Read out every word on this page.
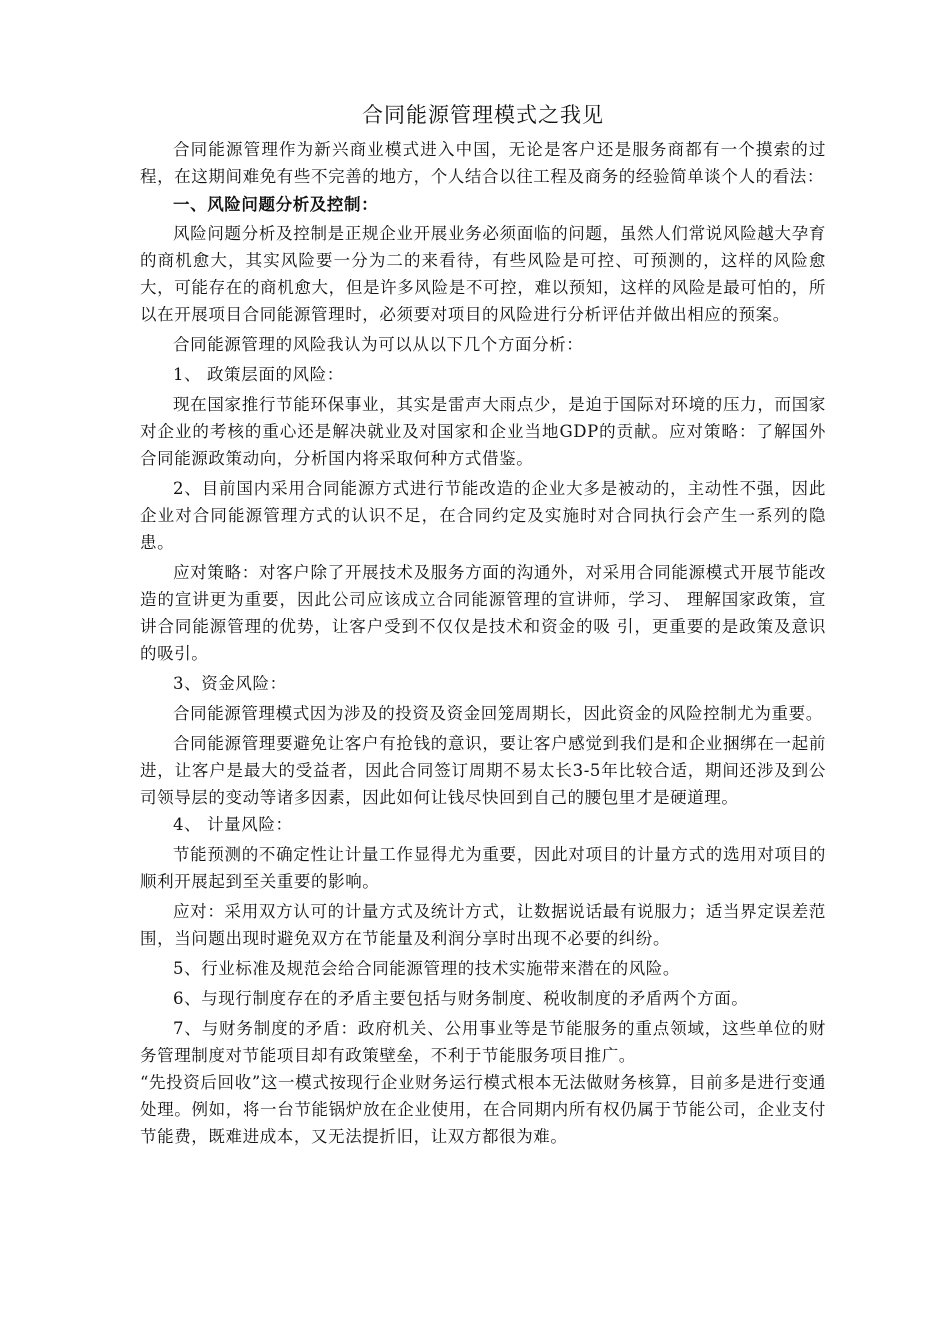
合同能源管理模式之我见

合同能源管理作为新兴商业模式进入中国，无论是客户还是服务商都有一个摸索的过程，在这期间难免有些不完善的地方，个人结合以往工程及商务的经验简单谈个人的看法：

一、风险问题分析及控制：

风险问题分析及控制是正规企业开展业务必须面临的问题，虽然人们常说风险越大孕育的商机愈大，其实风险要一分为二的来看待，有些风险是可控、可预测的，这样的风险愈大，可能存在的商机愈大，但是许多风险是不可控，难以预知，这样的风险是最可怕的，所以在开展项目合同能源管理时，必须要对项目的风险进行分析评估并做出相应的预案。

合同能源管理的风险我认为可以从以下几个方面分析：

1、 政策层面的风险：

现在国家推行节能环保事业，其实是雷声大雨点少，是迫于国际对环境的压力，而国家对企业的考核的重心还是解决就业及对国家和企业当地GDP的贡献。应对策略：了解国外合同能源政策动向，分析国内将采取何种方式借鉴。

2、目前国内采用合同能源方式进行节能改造的企业大多是被动的，主动性不强，因此企业对合同能源管理方式的认识不足，在合同约定及实施时对合同执行会产生一系列的隐患。

应对策略：对客户除了开展技术及服务方面的沟通外，对采用合同能源模式开展节能改造的宣讲更为重要，因此公司应该成立合同能源管理的宣讲师，学习、 理解国家政策，宣讲合同能源管理的优势，让客户受到不仅仅是技术和资金的吸 引，更重要的是政策及意识的吸引。

3、资金风险：

合同能源管理模式因为涉及的投资及资金回笼周期长，因此资金的风险控制尤为重要。

合同能源管理要避免让客户有抢钱的意识，要让客户感觉到我们是和企业捆绑在一起前进，让客户是最大的受益者，因此合同签订周期不易太长3-5年比较合适，期间还涉及到公司领导层的变动等诸多因素，因此如何让钱尽快回到自己的腰包里才是硬道理。

4、 计量风险：

节能预测的不确定性让计量工作显得尤为重要，因此对项目的计量方式的选用对项目的顺利开展起到至关重要的影响。

应对：采用双方认可的计量方式及统计方式，让数据说话最有说服力；适当界定误差范围，当问题出现时避免双方在节能量及利润分享时出现不必要的纠纷。

5、行业标准及规范会给合同能源管理的技术实施带来潜在的风险。

6、与现行制度存在的矛盾主要包括与财务制度、税收制度的矛盾两个方面。

7、与财务制度的矛盾：政府机关、公用事业等是节能服务的重点领域，这些单位的财务管理制度对节能项目却有政策壁垒，不利于节能服务项目推广。

“先投资后回收”这一模式按现行企业财务运行模式根本无法做财务核算，目前多是进行变通处理。例如，将一台节能锅炉放在企业使用，在合同期内所有权仍属于节能公司，企业支付节能费，既难进成本，又无法提折旧，让双方都很为难。
